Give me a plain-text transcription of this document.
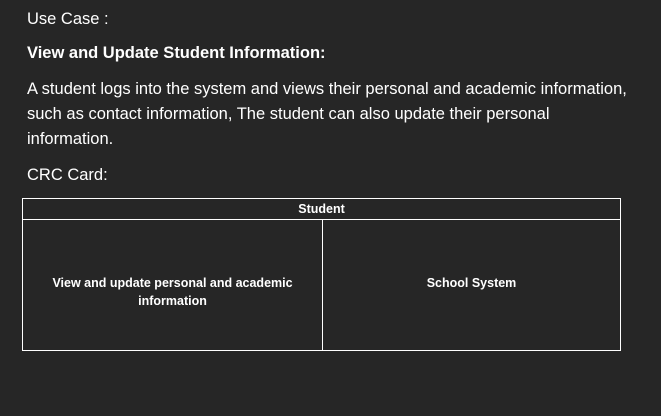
Use Case :
View and Update Student Information:
A student logs into the system and views their personal and academic information, such as contact information, The student can also update their personal information.
CRC Card:
Student
View and update personal and academic information
School System
